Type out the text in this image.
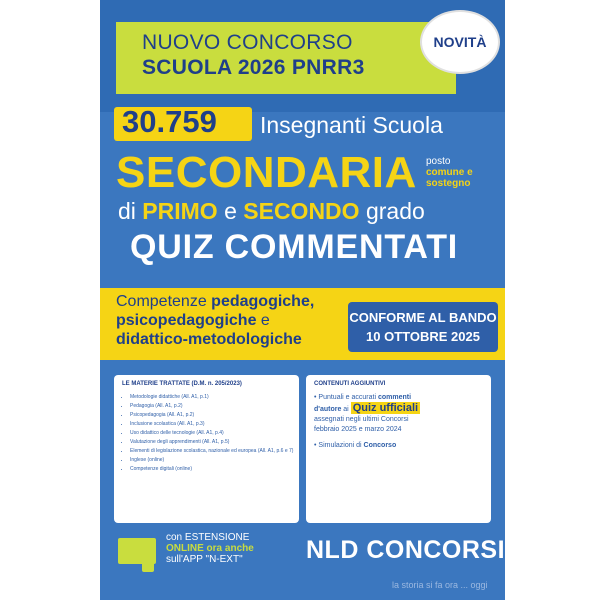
NUOVO CONCORSO
SCUOLA 2026 PNRR3
NOVITÀ
30.759 Insegnanti Scuola
SECONDARIA posto
comune e
sostegno
di PRIMO e SECONDO grado
QUIZ COMMENTATI
Competenze pedagogiche,
psicopedagogiche e
didattico-metodologiche
CONFORME AL BANDO
10 OTTOBRE 2025
LE MATERIE TRATTATE (D.M. n. 205/2023)
• Metodologie didattiche (All. A1, p.1)
• Pedagogia (All. A1, p.2)
• Psicopedagogia (All. A1, p.2)
• Inclusione scolastica (All. A1, p.3)
• Uso didattico delle tecnologie (All. A1, p.4)
• Valutazione degli apprendimenti (All. A1, p.5)
• Elementi di legislazione scolastica, nazionale ed europea (All. A1, p.6 e 7)
• Inglese (online)
• Competenze digitali (online)
CONTENUTI AGGIUNTIVI

• Puntuali e accurati commenti
d'autore ai Quiz ufficiali
assegnati negli ultimi Concorsi
febbraio 2025 e marzo 2024

• Simulazioni di Concorso

con ESTENSIONE
ONLINE ora anche
sull'APP "N-EXT"	NLD CONCORSI
la storia si fa ora ... oggi
